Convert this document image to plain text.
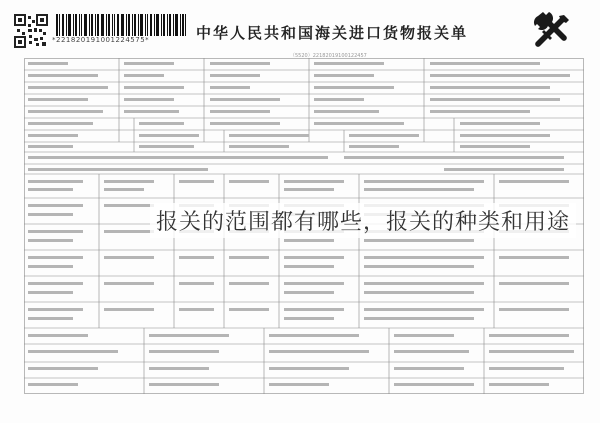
*221820191001224575*	中华人民共和国海关进口货物报关单
（5520）22182019100122457
报关的范围都有哪些，报关的种类和用途
